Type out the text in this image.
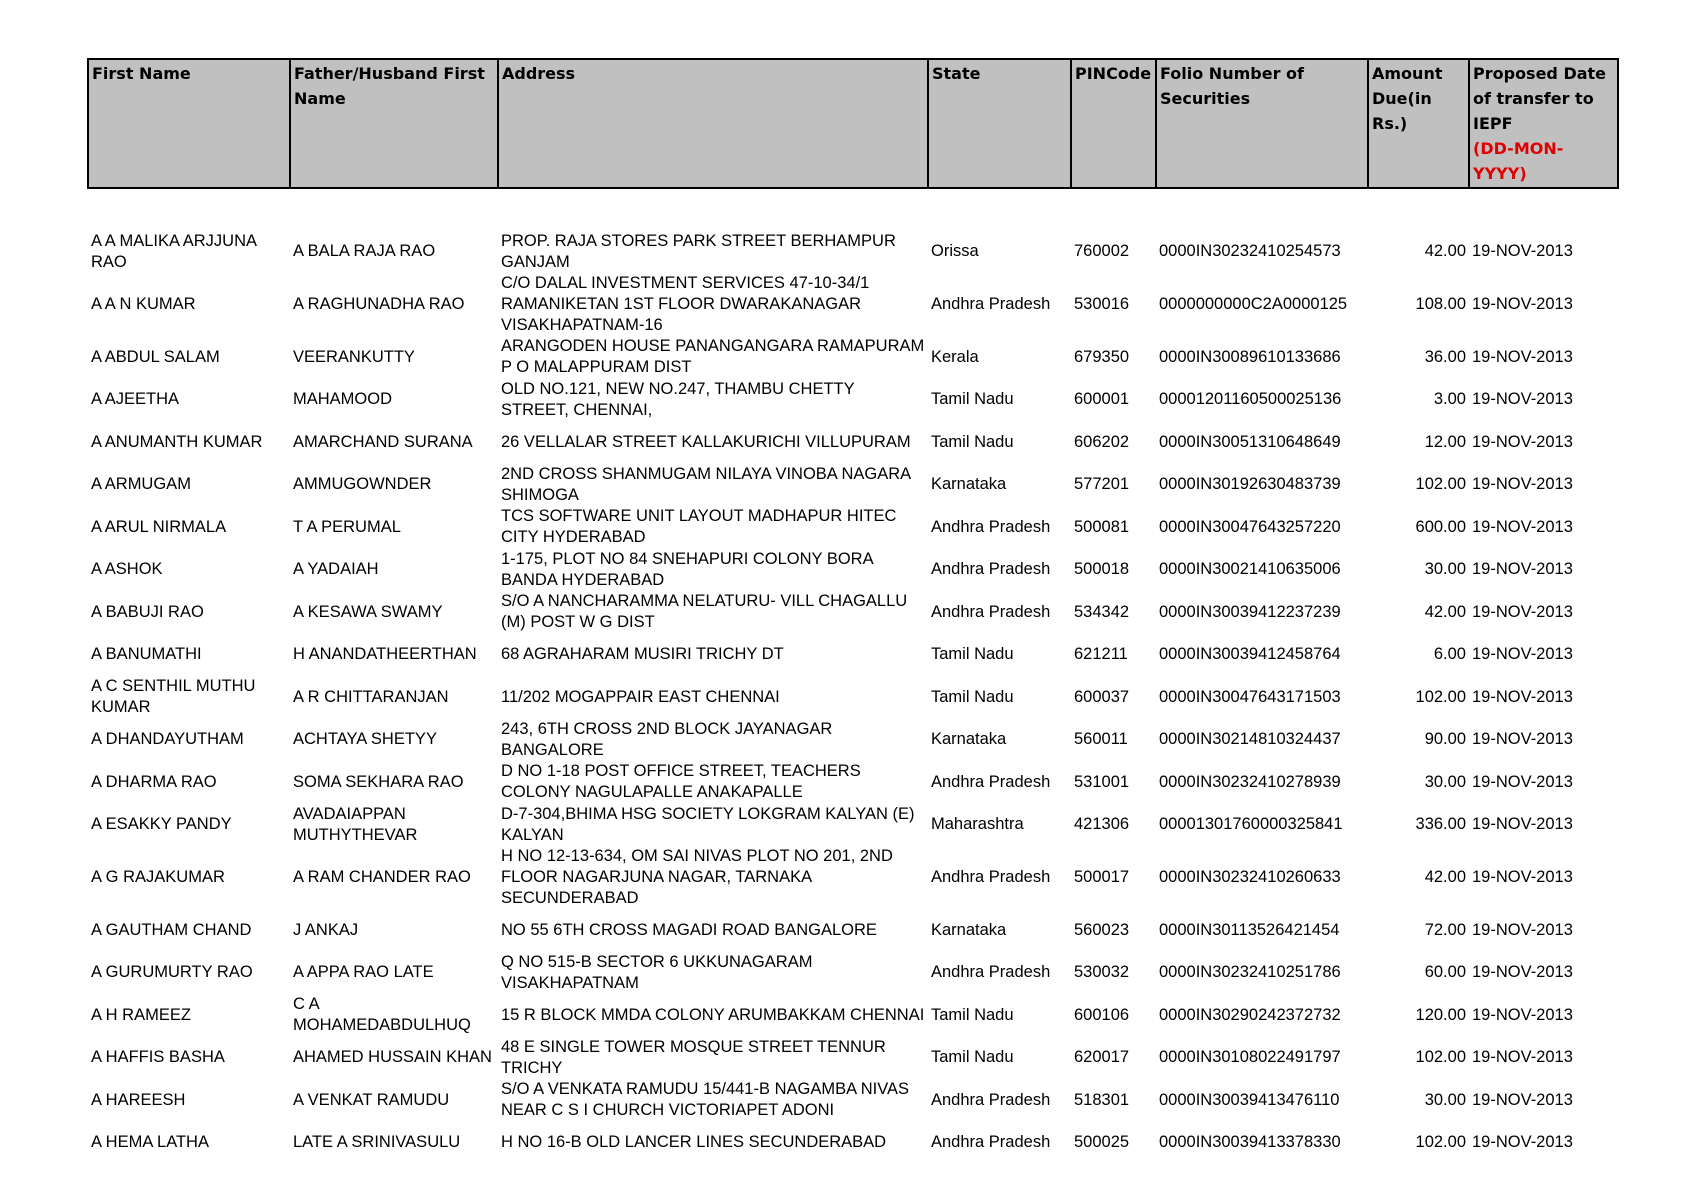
First Name	Father/Husband First Name	Address	State	PINCode	Folio Number of Securities	Amount Due(in Rs.)	Proposed Date of transfer to IEPF
(DD-MON-YYYY)

A A MALIKA ARJJUNA RAO	A BALA RAJA RAO	PROP. RAJA STORES PARK STREET BERHAMPUR GANJAM	Orissa	760002	0000IN30232410254573	42.00	19-NOV-2013
A A N KUMAR	A RAGHUNADHA RAO	C/O DALAL INVESTMENT SERVICES 47-10-34/1 RAMANIKETAN 1ST FLOOR DWARAKANAGAR VISAKHAPATNAM-16	Andhra Pradesh	530016	0000000000C2A0000125	108.00	19-NOV-2013
A ABDUL SALAM	VEERANKUTTY	ARANGODEN HOUSE PANANGANGARA RAMAPURAM P O MALAPPURAM DIST	Kerala	679350	0000IN30089610133686	36.00	19-NOV-2013
A AJEETHA	MAHAMOOD	OLD NO.121, NEW NO.247, THAMBU CHETTY STREET, CHENNAI,	Tamil Nadu	600001	00001201160500025136	3.00	19-NOV-2013
A ANUMANTH KUMAR	AMARCHAND SURANA	26 VELLALAR STREET KALLAKURICHI VILLUPURAM	Tamil Nadu	606202	0000IN30051310648649	12.00	19-NOV-2013
A ARMUGAM	AMMUGOWNDER	2ND CROSS SHANMUGAM NILAYA VINOBA NAGARA SHIMOGA	Karnataka	577201	0000IN30192630483739	102.00	19-NOV-2013
A ARUL NIRMALA	T A PERUMAL	TCS SOFTWARE UNIT LAYOUT MADHAPUR HITEC CITY HYDERABAD	Andhra Pradesh	500081	0000IN30047643257220	600.00	19-NOV-2013
A ASHOK	A YADAIAH	1-175, PLOT NO 84 SNEHAPURI COLONY BORA BANDA HYDERABAD	Andhra Pradesh	500018	0000IN30021410635006	30.00	19-NOV-2013
A BABUJI RAO	A KESAWA SWAMY	S/O A NANCHARAMMA NELATURU- VILL CHAGALLU (M) POST W G DIST	Andhra Pradesh	534342	0000IN30039412237239	42.00	19-NOV-2013
A BANUMATHI	H ANANDATHEERTHAN	68 AGRAHARAM MUSIRI TRICHY DT	Tamil Nadu	621211	0000IN30039412458764	6.00	19-NOV-2013
A C SENTHIL MUTHU KUMAR	A R CHITTARANJAN	11/202 MOGAPPAIR EAST CHENNAI	Tamil Nadu	600037	0000IN30047643171503	102.00	19-NOV-2013
A DHANDAYUTHAM	ACHTAYA SHETYY	243, 6TH CROSS 2ND BLOCK JAYANAGAR BANGALORE	Karnataka	560011	0000IN30214810324437	90.00	19-NOV-2013
A DHARMA RAO	SOMA SEKHARA RAO	D NO 1-18 POST OFFICE STREET, TEACHERS COLONY NAGULAPALLE ANAKAPALLE	Andhra Pradesh	531001	0000IN30232410278939	30.00	19-NOV-2013
A ESAKKY PANDY	AVADAIAPPAN MUTHYTHEVAR	D-7-304,BHIMA HSG SOCIETY LOKGRAM KALYAN (E) KALYAN	Maharashtra	421306	00001301760000325841	336.00	19-NOV-2013
A G RAJAKUMAR	A RAM CHANDER RAO	H NO 12-13-634, OM SAI NIVAS PLOT NO 201, 2ND FLOOR NAGARJUNA NAGAR, TARNAKA SECUNDERABAD	Andhra Pradesh	500017	0000IN30232410260633	42.00	19-NOV-2013
A GAUTHAM CHAND	J ANKAJ	NO 55 6TH CROSS MAGADI ROAD BANGALORE	Karnataka	560023	0000IN30113526421454	72.00	19-NOV-2013
A GURUMURTY RAO	A APPA RAO LATE	Q NO 515-B SECTOR 6 UKKUNAGARAM VISAKHAPATNAM	Andhra Pradesh	530032	0000IN30232410251786	60.00	19-NOV-2013
A H RAMEEZ	C A MOHAMEDABDULHUQ	15 R BLOCK MMDA COLONY ARUMBAKKAM CHENNAI	Tamil Nadu	600106	0000IN30290242372732	120.00	19-NOV-2013
A HAFFIS BASHA	AHAMED HUSSAIN KHAN	48 E SINGLE TOWER MOSQUE STREET TENNUR TRICHY	Tamil Nadu	620017	0000IN30108022491797	102.00	19-NOV-2013
A HAREESH	A VENKAT RAMUDU	S/O A VENKATA RAMUDU 15/441-B NAGAMBA NIVAS NEAR C S I CHURCH VICTORIAPET ADONI	Andhra Pradesh	518301	0000IN30039413476110	30.00	19-NOV-2013
A HEMA LATHA	LATE A SRINIVASULU	H NO 16-B OLD LANCER LINES SECUNDERABAD	Andhra Pradesh	500025	0000IN30039413378330	102.00	19-NOV-2013
